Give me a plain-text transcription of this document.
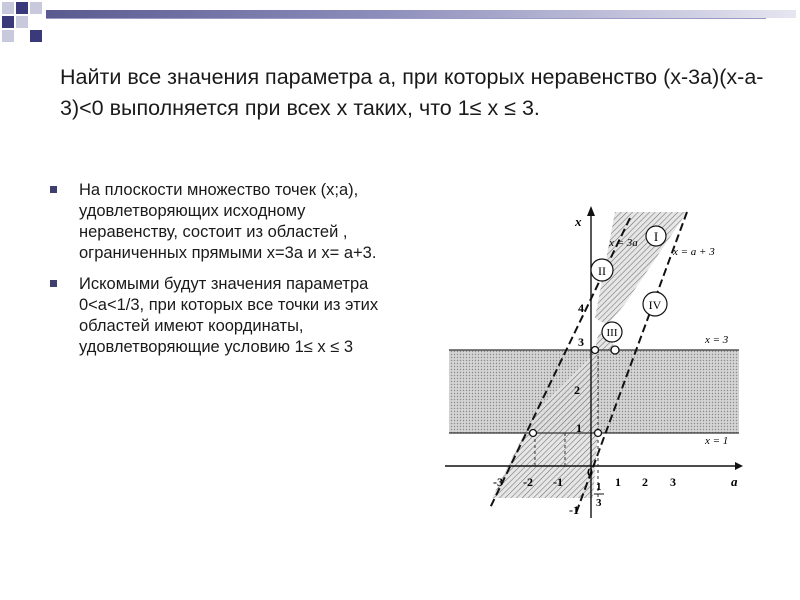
Найти все значения параметра а, при которых неравенство (x-3a)(x-a-3)<0 выполняется при всех x таких, что 1≤ x ≤ 3.
На плоскости множество точек (x;a), удовлетворяющих исходному неравенству, состоит из областей , ограниченных прямыми x=3a и x= a+3.
Искомыми будут значения параметра 0<a<1/3, при которых все точки из этих областей имеют координаты, удовлетворяющие условию 1≤ x ≤ 3
I
II
III
IV
x = 3a
x = a + 3
x = 3
x = 1
x
a
4
3
2
1
-3 -2 -1
0
1 2 3
-1
1
3
